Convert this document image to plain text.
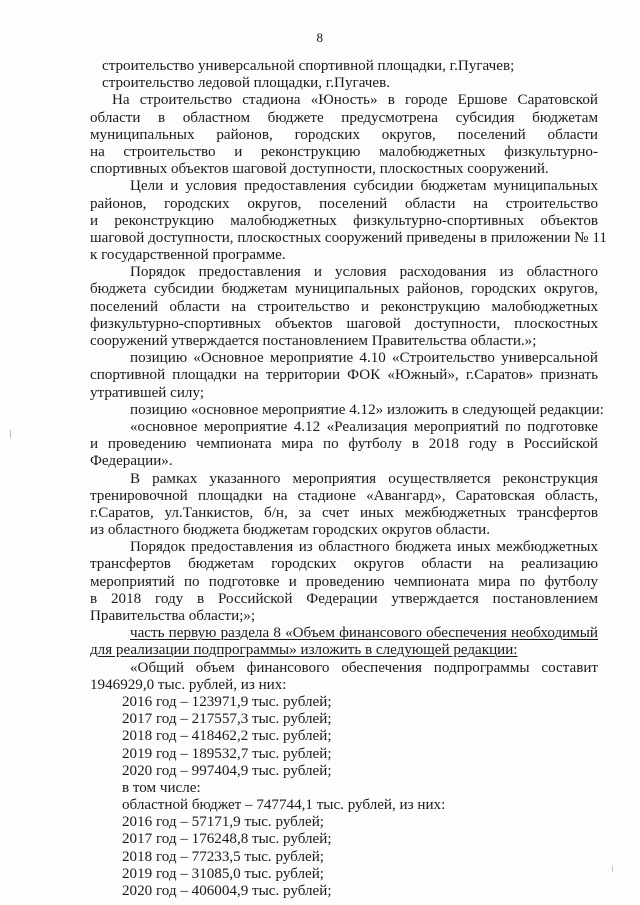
8
строительство универсальной спортивной площадки, г.Пугачев;
строительство ледовой площадки, г.Пугачев.
На строительство стадиона «Юность» в городе Ершове Саратовской
области в областном бюджете предусмотрена субсидия бюджетам
муниципальных районов, городских округов, поселений области
на строительство и реконструкцию малобюджетных физкультурно-
спортивных объектов шаговой доступности, плоскостных сооружений.
Цели и условия предоставления субсидии бюджетам муниципальных
районов, городских округов, поселений области на строительство
и реконструкцию малобюджетных физкультурно-спортивных объектов
шаговой доступности, плоскостных сооружений приведены в приложении № 11
к государственной программе.
Порядок предоставления и условия расходования из областного
бюджета субсидии бюджетам муниципальных районов, городских округов,
поселений области на строительство и реконструкцию малобюджетных
физкультурно-спортивных объектов шаговой доступности, плоскостных
сооружений утверждается постановлением Правительства области.»;
позицию «Основное мероприятие 4.10 «Строительство универсальной
спортивной площадки на территории ФОК «Южный», г.Саратов» признать
утратившей силу;
позицию «основное мероприятие 4.12» изложить в следующей редакции:
«основное мероприятие 4.12 «Реализация мероприятий по подготовке
и проведению чемпионата мира по футболу в 2018 году в Российской
Федерации».
В рамках указанного мероприятия осуществляется реконструкция
тренировочной площадки на стадионе «Авангард», Саратовская область,
г.Саратов, ул.Танкистов, б/н, за счет иных межбюджетных трансфертов
из областного бюджета бюджетам городских округов области.
Порядок предоставления из областного бюджета иных межбюджетных
трансфертов бюджетам городских округов области на реализацию
мероприятий по подготовке и проведению чемпионата мира по футболу
в 2018 году в Российской Федерации утверждается постановлением
Правительства области;»;
часть первую раздела 8 «Объем финансового обеспечения необходимый
для реализации подпрограммы» изложить в следующей редакции:
«Общий объем финансового обеспечения подпрограммы составит
1946929,0 тыс. рублей, из них:
2016 год – 123971,9 тыс. рублей;
2017 год – 217557,3 тыс. рублей;
2018 год – 418462,2 тыс. рублей;
2019 год – 189532,7 тыс. рублей;
2020 год – 997404,9 тыс. рублей;
в том числе:
областной бюджет – 747744,1 тыс. рублей, из них:
2016 год – 57171,9 тыс. рублей;
2017 год – 176248,8 тыс. рублей;
2018 год – 77233,5 тыс. рублей;
2019 год – 31085,0 тыс. рублей;
2020 год – 406004,9 тыс. рублей;
